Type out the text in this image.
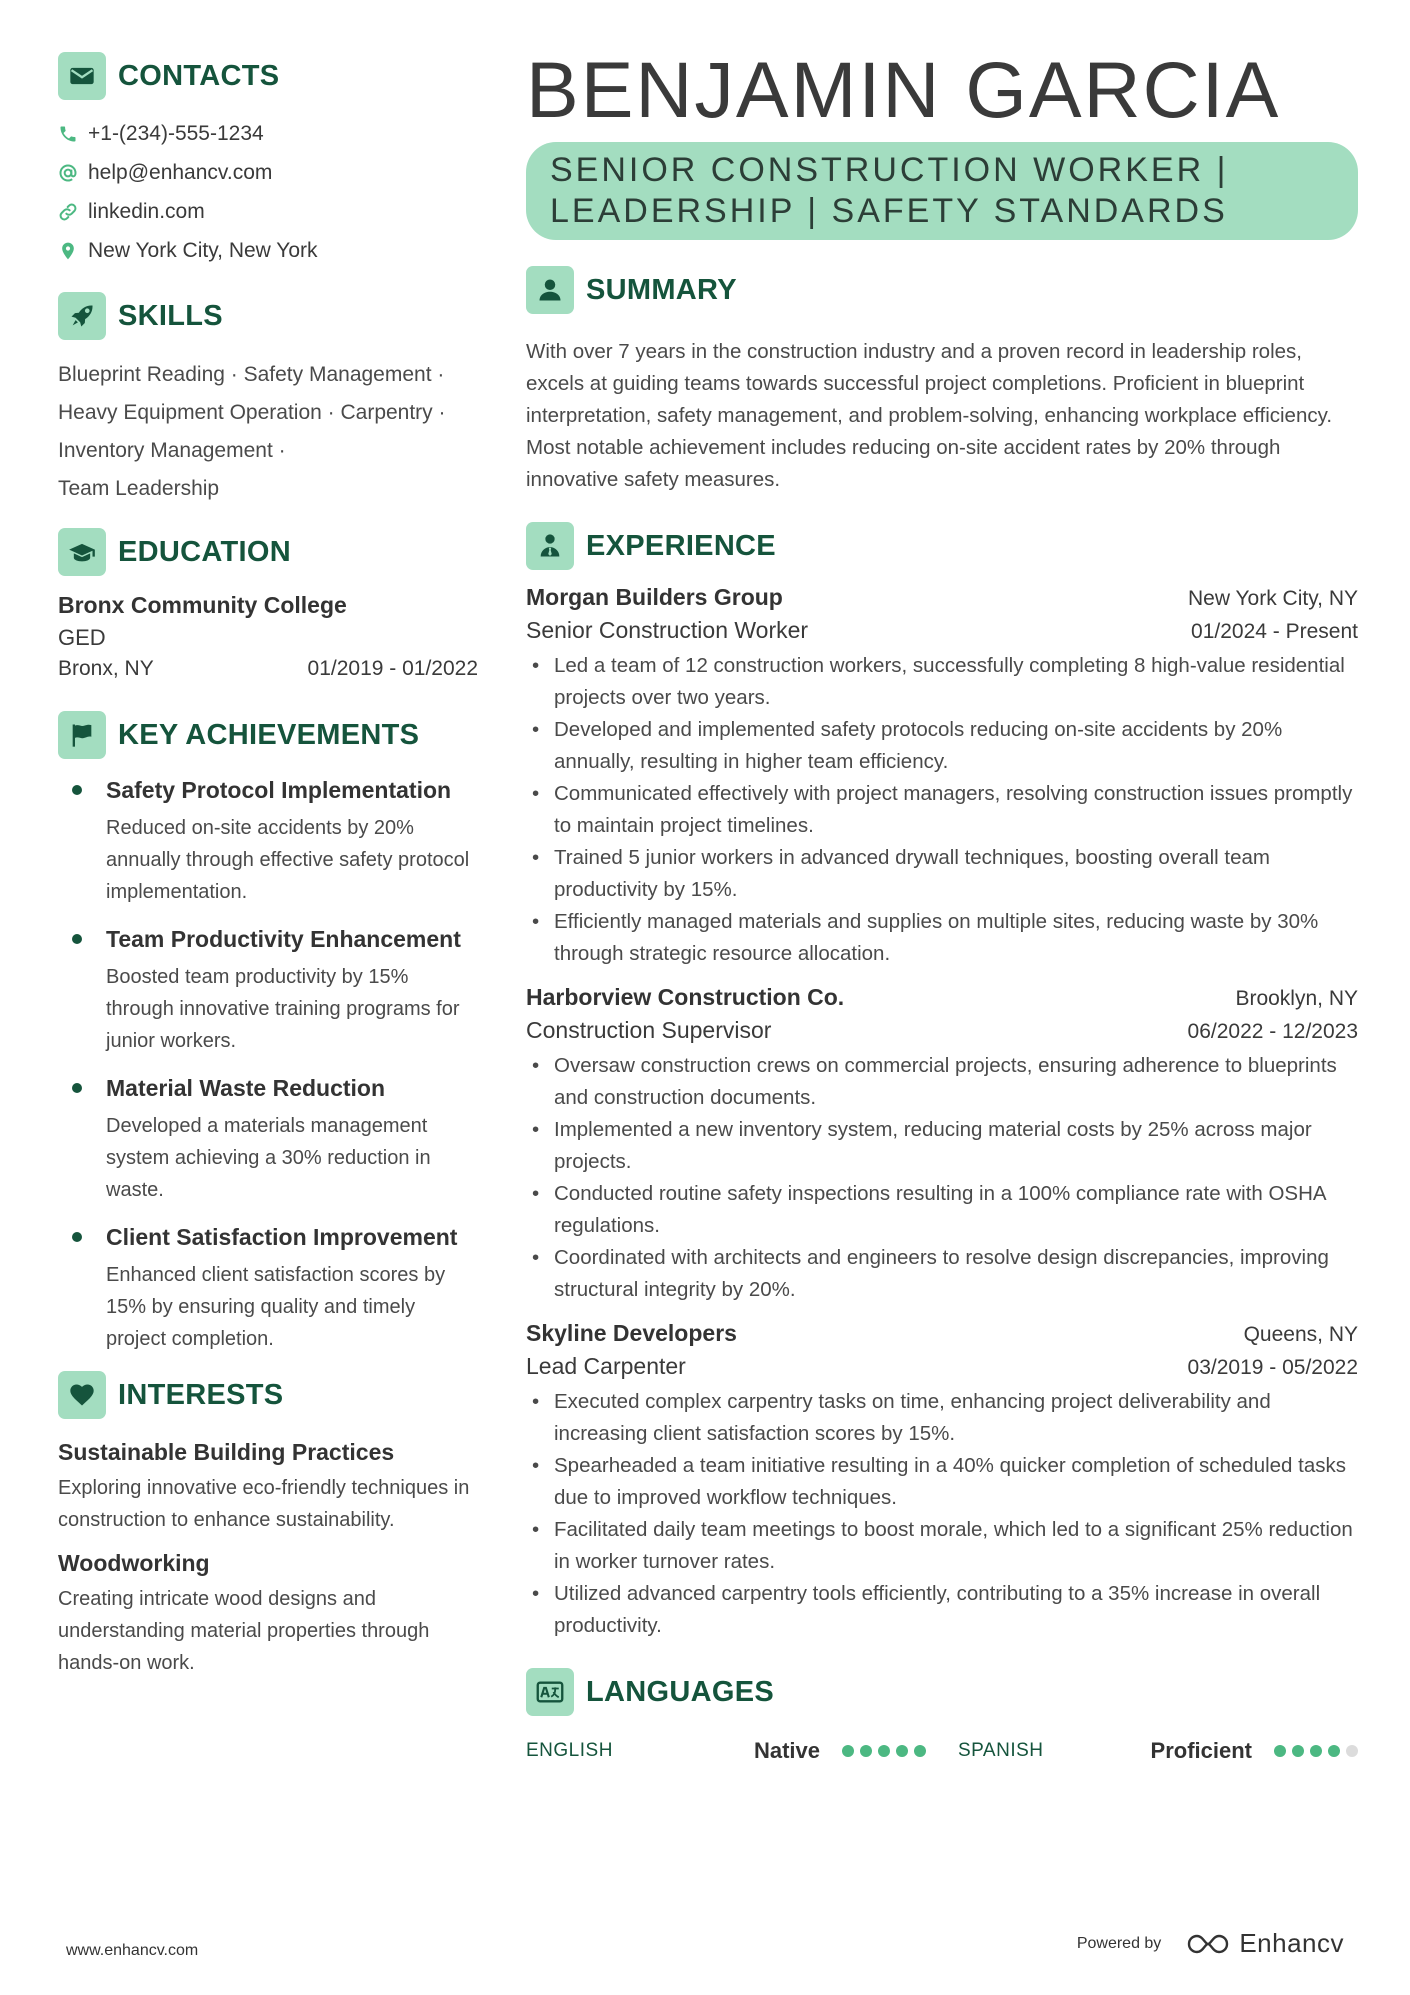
CONTACTS
+1-(234)-555-1234
help@enhancv.com
linkedin.com
New York City, New York
SKILLS
Blueprint Reading · Safety Management ·
Heavy Equipment Operation · Carpentry ·
Inventory Management ·
Team Leadership
EDUCATION
Bronx Community College
GED
Bronx, NY	01/2019 - 01/2022
KEY ACHIEVEMENTS
Safety Protocol Implementation
Reduced on-site accidents by 20% annually through effective safety protocol implementation.
Team Productivity Enhancement
Boosted team productivity by 15% through innovative training programs for junior workers.
Material Waste Reduction
Developed a materials management system achieving a 30% reduction in waste.
Client Satisfaction Improvement
Enhanced client satisfaction scores by 15% by ensuring quality and timely project completion.
INTERESTS
Sustainable Building Practices
Exploring innovative eco-friendly techniques in construction to enhance sustainability.
Woodworking
Creating intricate wood designs and understanding material properties through hands-on work.
BENJAMIN GARCIA
SENIOR CONSTRUCTION WORKER |
LEADERSHIP | SAFETY STANDARDS
SUMMARY

With over 7 years in the construction industry and a proven record in leadership roles, excels at guiding teams towards successful project completions. Proficient in blueprint interpretation, safety management, and problem-solving, enhancing workplace efficiency. Most notable achievement includes reducing on-site accident rates by 20% through innovative safety measures.

EXPERIENCE
Morgan Builders Group	New York City, NY
Senior Construction Worker	01/2024 - Present
• Led a team of 12 construction workers, successfully completing 8 high-value residential projects over two years.
• Developed and implemented safety protocols reducing on-site accidents by 20% annually, resulting in higher team efficiency.
• Communicated effectively with project managers, resolving construction issues promptly to maintain project timelines.
• Trained 5 junior workers in advanced drywall techniques, boosting overall team productivity by 15%.
• Efficiently managed materials and supplies on multiple sites, reducing waste by 30% through strategic resource allocation.
Harborview Construction Co.	Brooklyn, NY
Construction Supervisor	06/2022 - 12/2023
• Oversaw construction crews on commercial projects, ensuring adherence to blueprints and construction documents.
• Implemented a new inventory system, reducing material costs by 25% across major projects.
• Conducted routine safety inspections resulting in a 100% compliance rate with OSHA regulations.
• Coordinated with architects and engineers to resolve design discrepancies, improving structural integrity by 20%.
Skyline Developers	Queens, NY
Lead Carpenter	03/2019 - 05/2022
• Executed complex carpentry tasks on time, enhancing project deliverability and increasing client satisfaction scores by 15%.
• Spearheaded a team initiative resulting in a 40% quicker completion of scheduled tasks due to improved workflow techniques.
• Facilitated daily team meetings to boost morale, which led to a significant 25% reduction in worker turnover rates.
• Utilized advanced carpentry tools efficiently, contributing to a 35% increase in overall productivity.
LANGUAGES
ENGLISH	Native	SPANISH	Proficient
www.enhancv.com	Powered by	Enhancv
